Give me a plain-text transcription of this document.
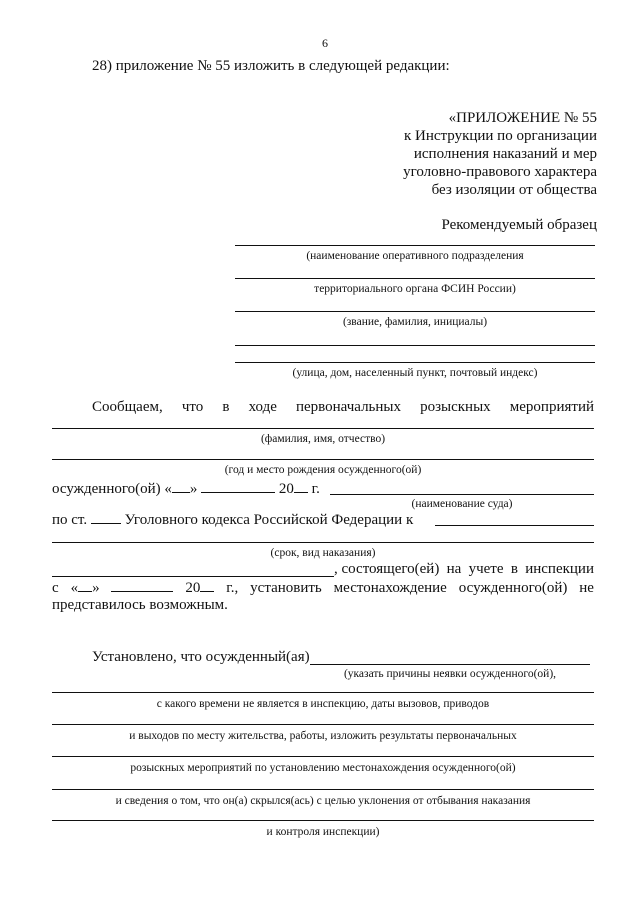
6
28) приложение № 55 изложить в следующей редакции:
«ПРИЛОЖЕНИЕ № 55
к Инструкции по организации
исполнения наказаний и мер
уголовно-правового характера
без изоляции от общества
Рекомендуемый образец
(наименование оперативного подразделения
территориального органа ФСИН России)
(звание, фамилия, инициалы)
(улица, дом, населенный пункт, почтовый индекс)
Сообщаем, что в ходе первоначальных розыскных мероприятий
(фамилия, имя, отчество)
(год и место рождения осужденного(ой)
осужденного(ой) « »	20 г.
(наименование суда)
по ст.	Уголовного кодекса Российской Федерации к
(срок, вид наказания)
, состоящего(ей) на учете в инспекции
с « »	20	г., установить местонахождение осужденного(ой) не
представилось возможным.
Установлено, что осужденный(ая)
(указать причины неявки осужденного(ой),
с какого времени не является в инспекцию, даты вызовов, приводов
и выходов по месту жительства, работы, изложить результаты первоначальных
розыскных мероприятий по установлению местонахождения осужденного(ой)
и сведения о том, что он(а) скрылся(ась) с целью уклонения от отбывания наказания
и контроля инспекции)
